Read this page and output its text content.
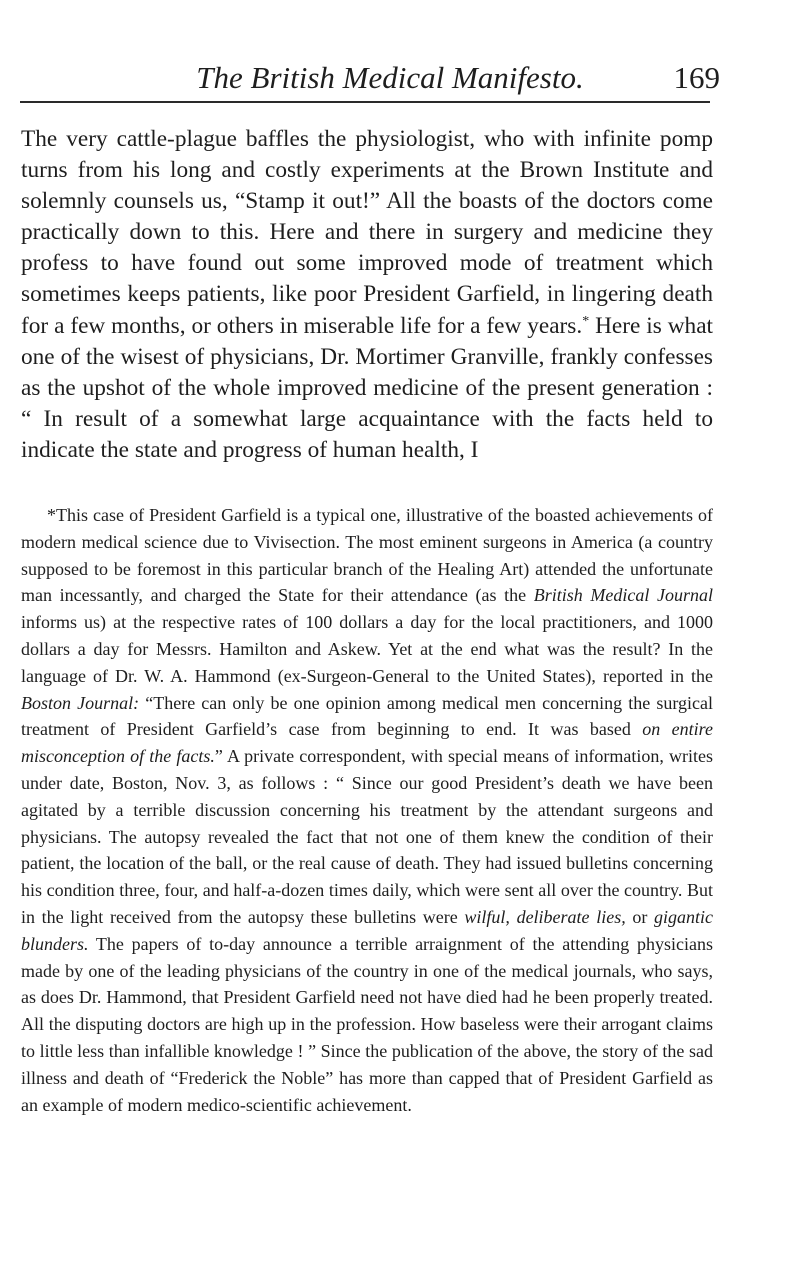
The British Medical Manifesto.	169

The very cattle-plague baffles the physiologist, who with infinite pomp turns from his long and costly experiments at the Brown Institute and solemnly counsels us, “Stamp it out!” All the boasts of the doctors come practically down to this. Here and there in surgery and medicine they profess to have found out some improved mode of treatment which sometimes keeps patients, like poor President Garfield, in lingering death for a few months, or others in miserable life for a few years.* Here is what one of the wisest of physicians, Dr. Mortimer Granville, frankly confesses as the upshot of the whole improved medicine of the present generation : “ In result of a somewhat large acquaintance with the facts held to indicate the state and progress of human health, I

*This case of President Garfield is a typical one, illustrative of the boasted achievements of modern medical science due to Vivisection. The most eminent surgeons in America (a country supposed to be foremost in this particular branch of the Healing Art) attended the unfortunate man incessantly, and charged the State for their attendance (as the British Medical Journal informs us) at the respective rates of 100 dollars a day for the local practitioners, and 1000 dollars a day for Messrs. Hamilton and Askew. Yet at the end what was the result? In the language of Dr. W. A. Hammond (ex-Surgeon-General to the United States), reported in the Boston Journal: “There can only be one opinion among medical men concerning the surgical treatment of President Garfield’s case from beginning to end. It was based on entire misconception of the facts.” A private correspondent, with special means of information, writes under date, Boston, Nov. 3, as follows : “ Since our good President’s death we have been agitated by a terrible discussion concerning his treatment by the attendant surgeons and physicians. The autopsy revealed the fact that not one of them knew the condition of their patient, the location of the ball, or the real cause of death. They had issued bulletins concerning his condition three, four, and half-a-dozen times daily, which were sent all over the country. But in the light received from the autopsy these bulletins were wilful, deliberate lies, or gigantic blunders. The papers of to-day announce a terrible arraignment of the attending physicians made by one of the leading physicians of the country in one of the medical journals, who says, as does Dr. Hammond, that President Garfield need not have died had he been properly treated. All the disputing doctors are high up in the profession. How baseless were their arrogant claims to little less than infallible knowledge ! ” Since the publication of the above, the story of the sad illness and death of “Frederick the Noble” has more than capped that of President Garfield as an example of modern medico-scientific achievement.
